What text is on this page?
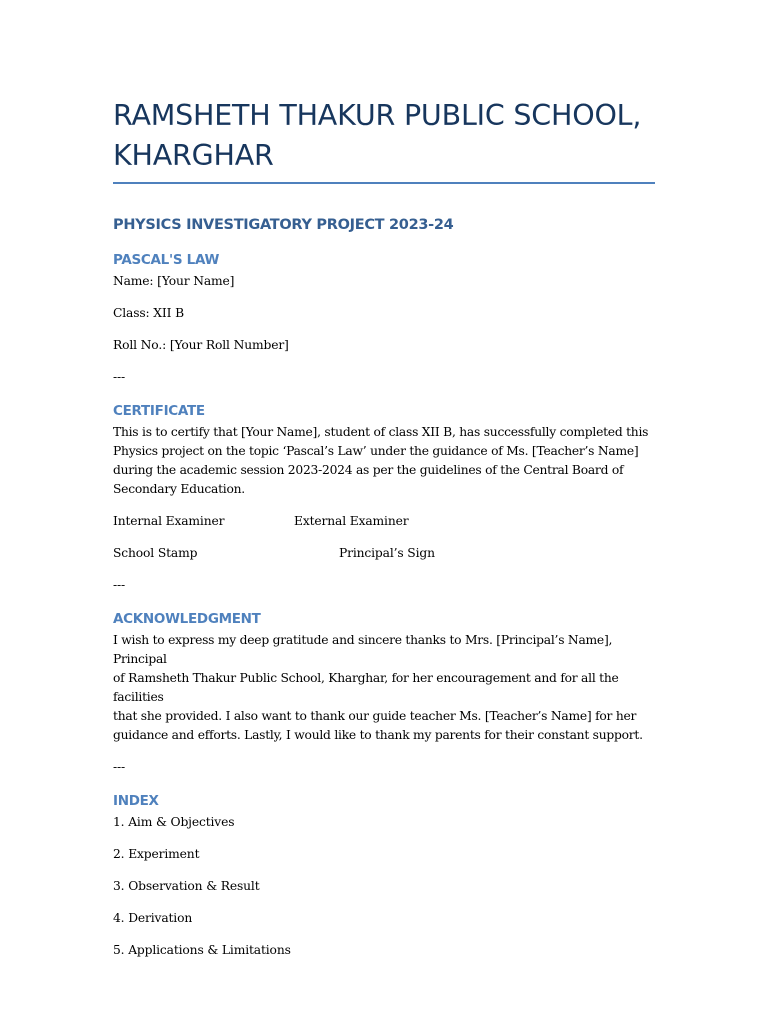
RAMSHETH THAKUR PUBLIC SCHOOL,
KHARGHAR
PHYSICS INVESTIGATORY PROJECT 2023-24
PASCAL'S LAW

Name: [Your Name]

Class: XII B

Roll No.: [Your Roll Number]

---

CERTIFICATE

This is to certify that [Your Name], student of class XII B, has successfully completed this

Physics project on the topic ‘Pascal’s Law’ under the guidance of Ms. [Teacher’s Name]

during the academic session 2023-2024 as per the guidelines of the Central Board of

Secondary Education.

Internal Examiner	External Examiner
School Stamp	Principal’s Sign

---

ACKNOWLEDGMENT

I wish to express my deep gratitude and sincere thanks to Mrs. [Principal’s Name], Principal

of Ramsheth Thakur Public School, Kharghar, for her encouragement and for all the facilities

that she provided. I also want to thank our guide teacher Ms. [Teacher’s Name] for her

guidance and efforts. Lastly, I would like to thank my parents for their constant support.

---

INDEX

1. Aim & Objectives

2. Experiment

3. Observation & Result

4. Derivation

5. Applications & Limitations
